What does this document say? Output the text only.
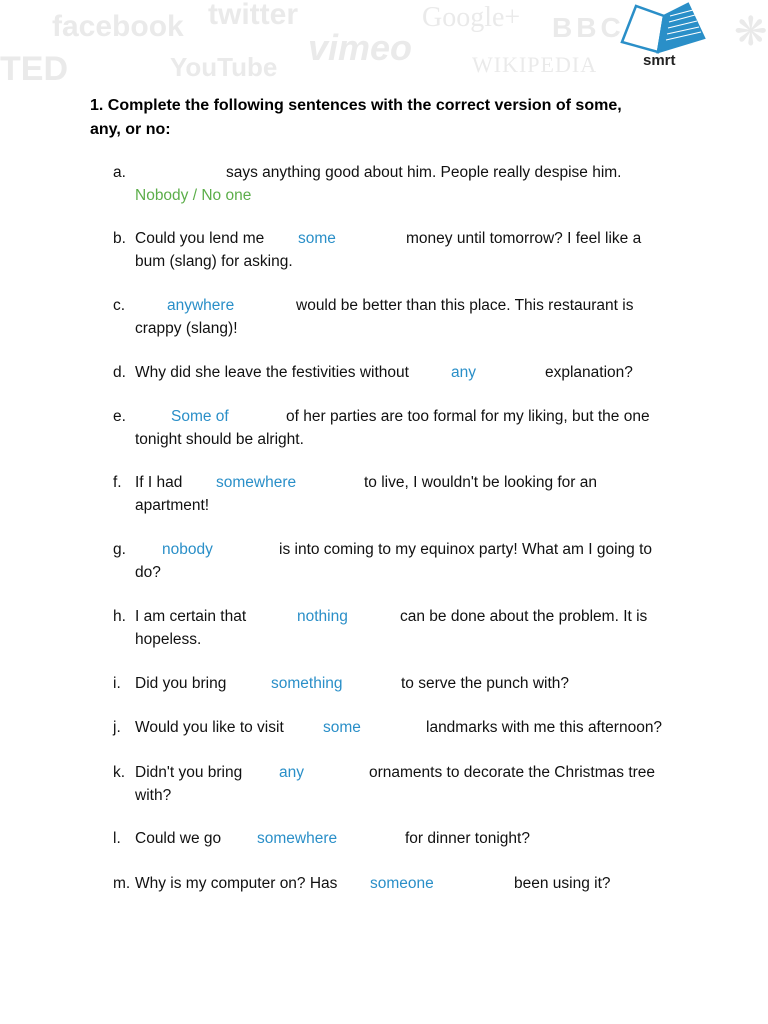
facebook twitter
vimeo
Google+ BBC
TED	YouTube	WIKIPEDIA
❋
smrt
1. Complete the following sentences with the correct version of some, any, or no:
a.	says anything good about him. People really despise him.
Nobody / No one
b. Could you lend me some	money until tomorrow? I feel like a
bum (slang) for asking.
c.	anywhere	would be better than this place. This restaurant is
crappy (slang)!
d. Why did she leave the festivities without	any	explanation?
e.	Some of	of her parties are too formal for my liking, but the one
tonight should be alright.
f. If I had somewhere	to live, I wouldn't be looking for an
apartment!
g. nobody	is into coming to my equinox party! What am I going to
do?
h. I am certain that	nothing	can be done about the problem. It is
hopeless.
i. Did you bring	something	to serve the punch with?
j. Would you like to visit	some	landmarks with me this afternoon?
k. Didn't you bring any	ornaments to decorate the Christmas tree
with?
l. Could we go somewhere	for dinner tonight?
m. Why is my computer on? Has someone	been using it?
